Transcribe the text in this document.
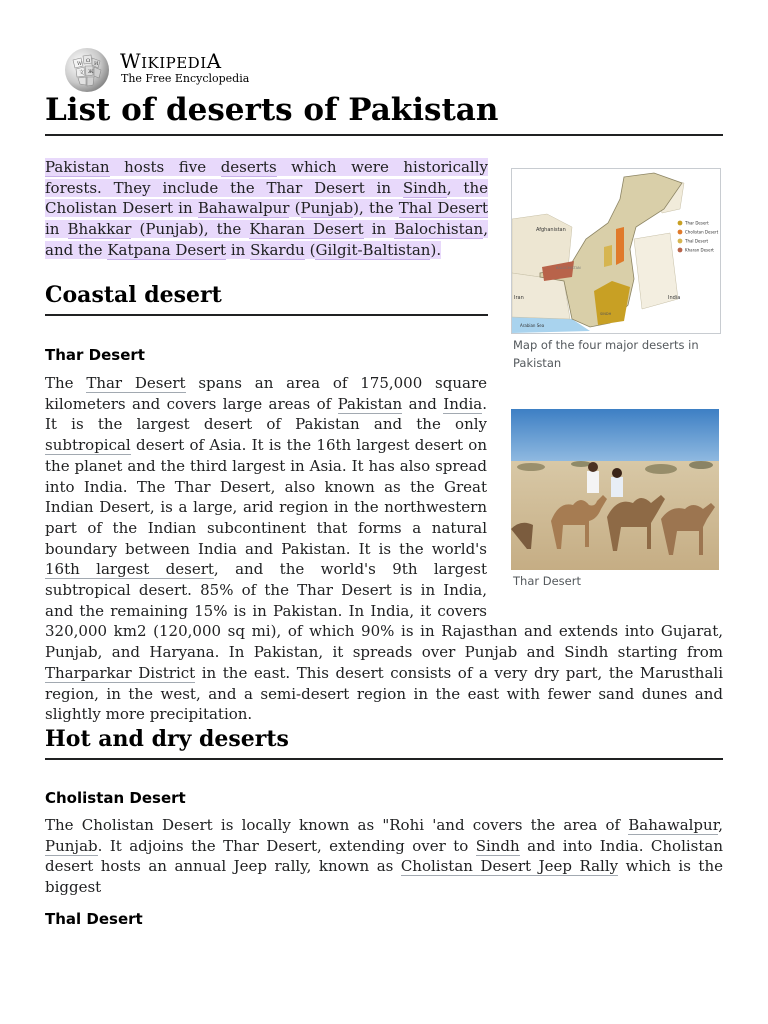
W Ω И
文 Ж WIKIPEDIA
The Free Encyclopedia
List of deserts of Pakistan

Pakistan hosts five deserts which were historically forests. They include the Thar Desert in Sindh, the Cholistan Desert in Bahawalpur (Punjab), the Thal Desert in Bhakkar (Punjab), the Kharan Desert in Balochistan, and the Katpana Desert in Skardu (Gilgit-Baltistan).

Afghanistan
Iran	India
Arabian Sea
BALOCHISTAN
SINDH
Thar Desert
Cholistan Desert
Thal Desert
Kharan Desert
Map of the four major deserts in Pakistan
Thar Desert
Coastal desert
Thar Desert

The Thar Desert spans an area of 175,000 square kilometers and covers large areas of Pakistan and India. It is the largest desert of Pakistan and the only subtropical desert of Asia. It is the 16th largest desert on the planet and the third largest in Asia. It has also spread into India. The Thar Desert, also known as the Great Indian Desert, is a large, arid region in the northwestern part of the Indian subcontinent that forms a natural boundary between India and Pakistan. It is the world's 16th largest desert, and the world's 9th largest subtropical desert. 85% of the Thar Desert is in India, and the remaining 15% is in Pakistan. In India, it covers 320,000 km2 (120,000 sq mi), of which 90% is in Rajasthan and extends into Gujarat, Punjab, and Haryana. In Pakistan, it spreads over Punjab and Sindh starting from Tharparkar District in the east. This desert consists of a very dry part, the Marusthali region, in the west, and a semi-desert region in the east with fewer sand dunes and slightly more precipitation.

Hot and dry deserts
Cholistan Desert

The Cholistan Desert is locally known as "Rohi 'and covers the area of Bahawalpur, Punjab. It adjoins the Thar Desert, extending over to Sindh and into India. Cholistan desert hosts an annual Jeep rally, known as Cholistan Desert Jeep Rally which is the biggest

Thal Desert
